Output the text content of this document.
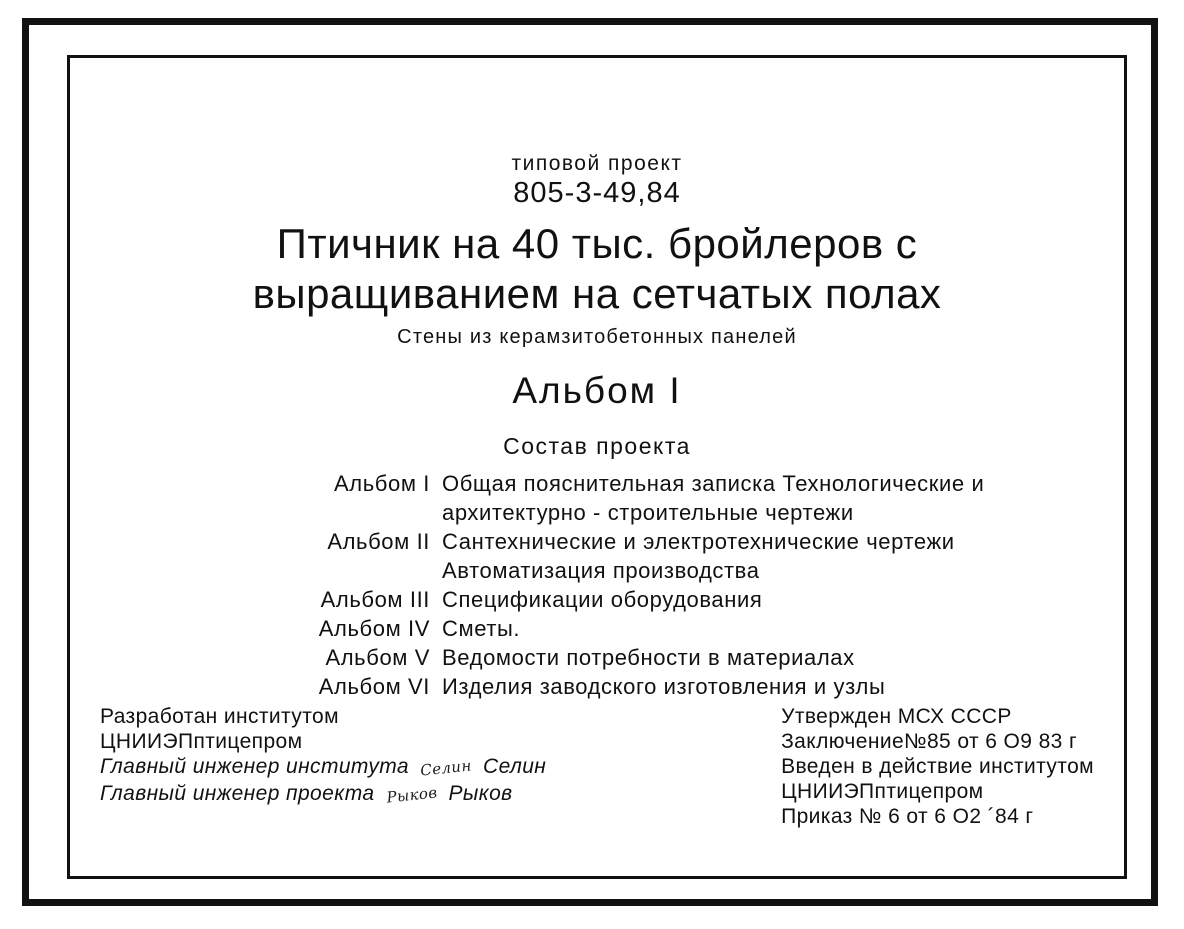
типовой проект
805-3-49,84
Птичник на 40 тыс. бройлеров с
выращиванием на сетчатых полах
Стены из керамзитобетонных панелей
Альбом I
Состав проекта
Альбом I Общая пояснительная записка Технологические и
архитектурно - строительные чертежи
Альбом II Сантехнические и электротехнические чертежи
Автоматизация производства
Альбом III Спецификации оборудования
Альбом IV Сметы.
Альбом V Ведомости потребности в материалах
Альбом VI Изделия заводского изготовления и узлы
Разработан институтом
ЦНИИЭПптицепром
Главный инженер института Селин Селин
Главный инженер проекта Рыков Рыков
Утвержден МСХ СССР
Заключение№85 от 6 О9 83 г
Введен в действие институтом
ЦНИИЭПптицепром
Приказ № 6 от 6 О2 ´84 г
